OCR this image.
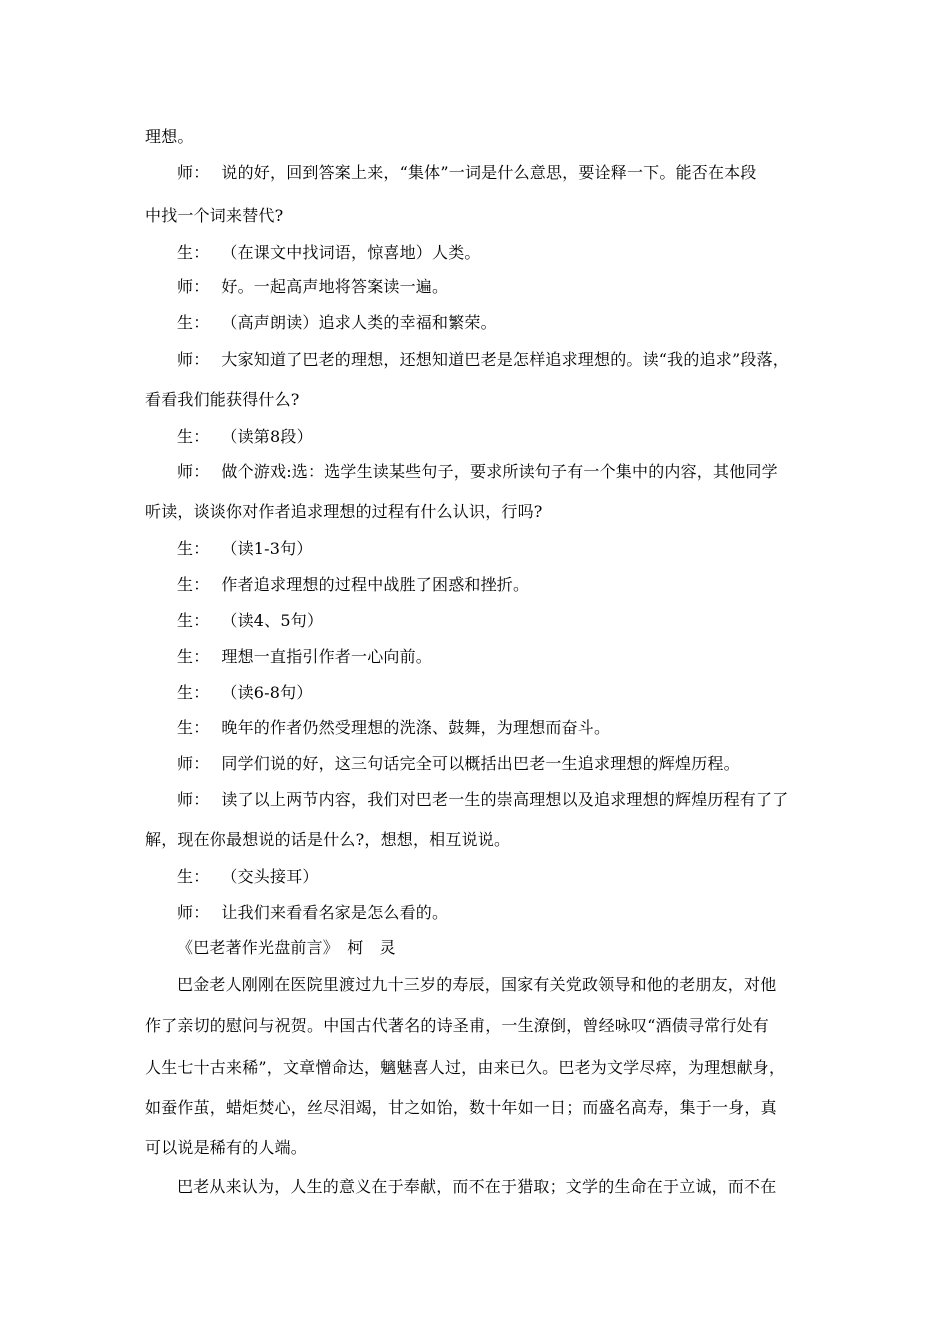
理想。
师： 说的好，回到答案上来，“集体”一词是什么意思，要诠释一下。能否在本段
中找一个词来替代?
生： （在课文中找词语，惊喜地）人类。
师： 好。一起高声地将答案读一遍。
生： （高声朗读）追求人类的幸福和繁荣。
师： 大家知道了巴老的理想，还想知道巴老是怎样追求理想的。读“我的追求”段落，
看看我们能获得什么?
生： （读第8段）
师： 做个游戏:选：选学生读某些句子，要求所读句子有一个集中的内容，其他同学
听读，谈谈你对作者追求理想的过程有什么认识，行吗?
生： （读1-3句）
生： 作者追求理想的过程中战胜了困惑和挫折。
生： （读4、5句）
生： 理想一直指引作者一心向前。
生： （读6-8句）
生： 晚年的作者仍然受理想的洗涤、鼓舞，为理想而奋斗。
师： 同学们说的好，这三句话完全可以概括出巴老一生追求理想的辉煌历程。
师： 读了以上两节内容，我们对巴老一生的崇高理想以及追求理想的辉煌历程有了了
解，现在你最想说的话是什么?，想想，相互说说。
生： （交头接耳）
师： 让我们来看看名家是怎么看的。
《巴老著作光盘前言》　柯　灵
巴金老人刚刚在医院里渡过九十三岁的寿辰，国家有关党政领导和他的老朋友，对他
作了亲切的慰问与祝贺。中国古代著名的诗圣甫，一生潦倒，曾经咏叹“酒债寻常行处有
人生七十古来稀”，文章憎命达，魑魅喜人过，由来已久。巴老为文学尽瘁，为理想献身，
如蚕作茧，蜡炬焚心，丝尽泪竭，甘之如饴，数十年如一日；而盛名高寿，集于一身，真
可以说是稀有的人端。
巴老从来认为，人生的意义在于奉献，而不在于猎取；文学的生命在于立诚，而不在
